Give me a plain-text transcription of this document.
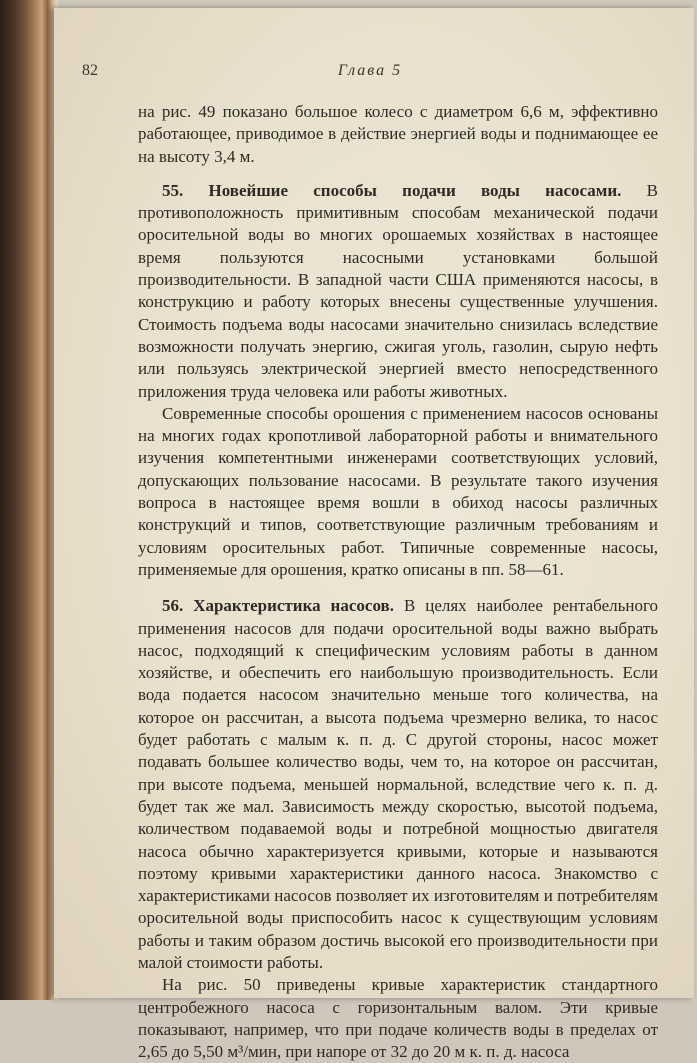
82	Глава 5

на рис. 49 показано большое колесо с диаметром 6,6 м, эффективно работающее, приводимое в действие энергией воды и поднимающее ее на высоту 3,4 м.

55. Новейшие способы подачи воды насосами. В противоположность примитивным способам механической подачи оросительной воды во многих орошаемых хозяйствах в настоящее время пользуются насосными установками большой производительности. В западной части США применяются насосы, в конструкцию и работу которых внесены существенные улучшения. Стоимость подъема воды насосами значительно снизилась вследствие возможности получать энергию, сжигая уголь, газолин, сырую нефть или пользуясь электрической энергией вместо непосредственного приложения труда человека или работы животных.

Современные способы орошения с применением насосов основаны на многих годах кропотливой лабораторной работы и внимательного изучения компетентными инженерами соответствующих условий, допускающих пользование насосами. В результате такого изучения вопроса в настоящее время вошли в обиход насосы различных конструкций и типов, соответствующие различным требованиям и условиям оросительных работ. Типичные современные насосы, применяемые для орошения, кратко описаны в пп. 58—61.

56. Характеристика насосов. В целях наиболее рентабельного применения насосов для подачи оросительной воды важно выбрать насос, подходящий к специфическим условиям работы в данном хозяйстве, и обеспечить его наибольшую производительность. Если вода подается насосом значительно меньше того количества, на которое он рассчитан, а высота подъема чрезмерно велика, то насос будет работать с малым к. п. д. С другой стороны, насос может подавать большее количество воды, чем то, на которое он рассчитан, при высоте подъема, меньшей нормальной, вследствие чего к. п. д. будет так же мал. Зависимость между скоростью, высотой подъема, количеством подаваемой воды и потребной мощностью двигателя насоса обычно характеризуется кривыми, которые и называются поэтому кривыми характеристики данного насоса. Знакомство с характеристиками насосов позволяет их изготовителям и потребителям оросительной воды приспособить насос к существующим условиям работы и таким образом достичь высокой его производительности при малой стоимости работы.

На рис. 50 приведены кривые характеристик стандартного центробежного насоса с горизонтальным валом. Эти кривые показывают, например, что при подаче количеств воды в пределах от 2,65 до 5,50 м³/мин, при напоре от 32 до 20 м к. п. д. насоса
